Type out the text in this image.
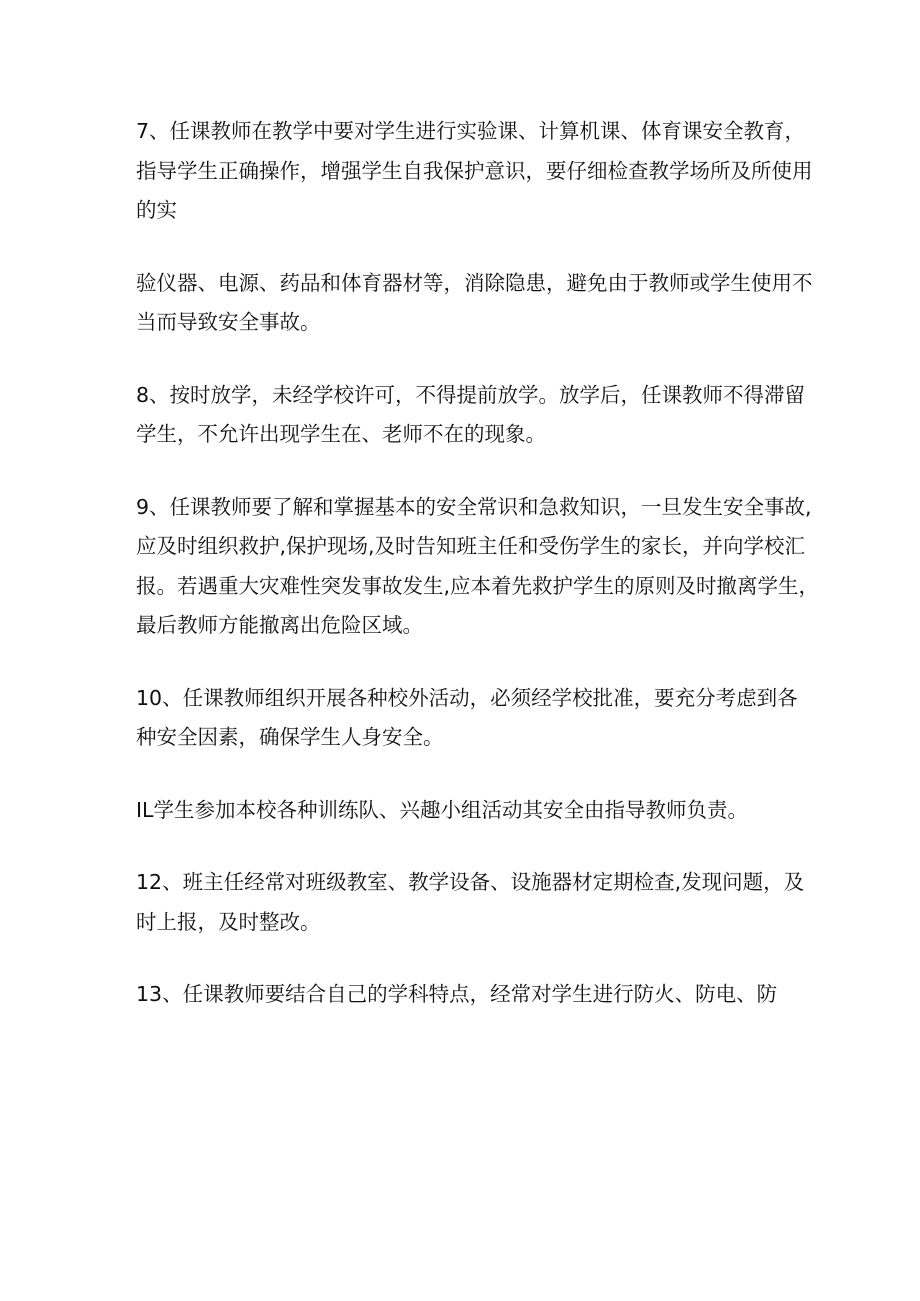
7、任课教师在教学中要对学生进行实验课、计算机课、体育课安全教育，
指导学生正确操作，增强学生自我保护意识，要仔细检查教学场所及所使用
的实
验仪器、电源、药品和体育器材等，消除隐患，避免由于教师或学生使用不
当而导致安全事故。
8、按时放学，未经学校许可，不得提前放学。放学后，任课教师不得滞留
学生，不允许出现学生在、老师不在的现象。
9、任课教师要了解和掌握基本的安全常识和急救知识，一旦发生安全事故,
应及时组织救护,保护现场,及时告知班主任和受伤学生的家长，并向学校汇
报。若遇重大灾难性突发事故发生,应本着先救护学生的原则及时撤离学生，
最后教师方能撤离出危险区域。
10、任课教师组织开展各种校外活动，必须经学校批准，要充分考虑到各
种安全因素，确保学生人身安全。
IL学生参加本校各种训练队、兴趣小组活动其安全由指导教师负责。
12、班主任经常对班级教室、教学设备、设施器材定期检查,发现问题，及
时上报，及时整改。
13、任课教师要结合自己的学科特点，经常对学生进行防火、防电、防
